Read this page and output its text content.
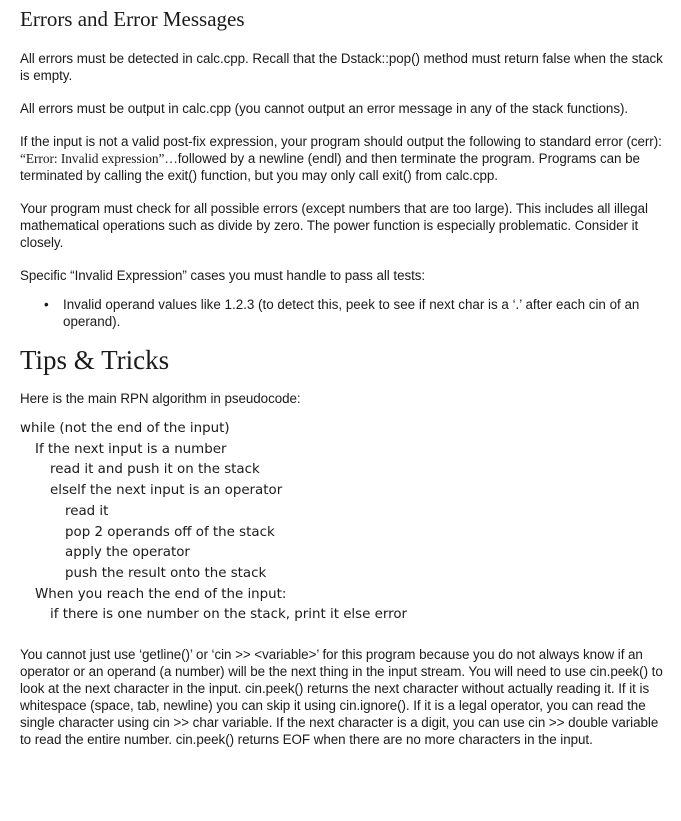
Errors and Error Messages

All errors must be detected in calc.cpp. Recall that the Dstack::pop() method must return false when the stack is empty.

All errors must be output in calc.cpp (you cannot output an error message in any of the stack functions).

If the input is not a valid post-fix expression, your program should output the following to standard error (cerr): “Error: Invalid expression”…followed by a newline (endl) and then terminate the program. Programs can be terminated by calling the exit() function, but you may only call exit() from calc.cpp.

Your program must check for all possible errors (except numbers that are too large). This includes all illegal mathematical operations such as divide by zero. The power function is especially problematic. Consider it closely.

Specific “Invalid Expression” cases you must handle to pass all tests:

• Invalid operand values like 1.2.3 (to detect this, peek to see if next char is a ‘.’ after each cin of an operand).
Tips & Tricks

Here is the main RPN algorithm in pseudocode:

while (not the end of the input)
If the next input is a number
read it and push it on the stack
elself the next input is an operator
read it
pop 2 operands off of the stack
apply the operator
push the result onto the stack
When you reach the end of the input:
if there is one number on the stack, print it else error

You cannot just use ‘getline()’ or ‘cin >> <variable>’ for this program because you do not always know if an operator or an operand (a number) will be the next thing in the input stream. You will need to use cin.peek() to look at the next character in the input. cin.peek() returns the next character without actually reading it. If it is whitespace (space, tab, newline) you can skip it using cin.ignore(). If it is a legal operator, you can read the single character using cin >> char variable. If the next character is a digit, you can use cin >> double variable to read the entire number. cin.peek() returns EOF when there are no more characters in the input.
